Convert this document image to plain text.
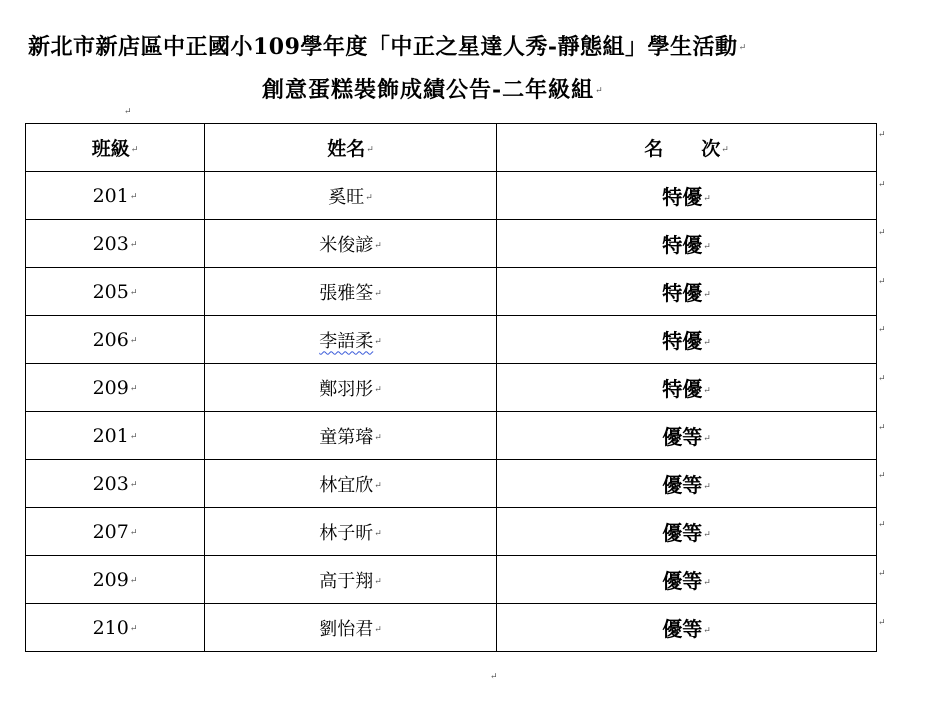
新北市新店區中正國小109學年度「中正之星達人秀-靜態組」學生活動↵
創意蛋糕裝飾成績公告-二年級組↵
↵
班級↵	姓名↵	名　　次↵
201↵	奚旺↵	特優↵
203↵	米俊諺↵	特優↵
205↵	張雅筌↵	特優↵
206↵	李語柔↵	特優↵
209↵	鄭羽彤↵	特優↵
201↵	童第璿↵	優等↵
203↵	林宜欣↵	優等↵
207↵	林子昕↵	優等↵
209↵	高于翔↵	優等↵
210↵	劉怡君↵	優等↵
↵
↵
↵
↵
↵
↵
↵
↵
↵
↵
↵
↵
